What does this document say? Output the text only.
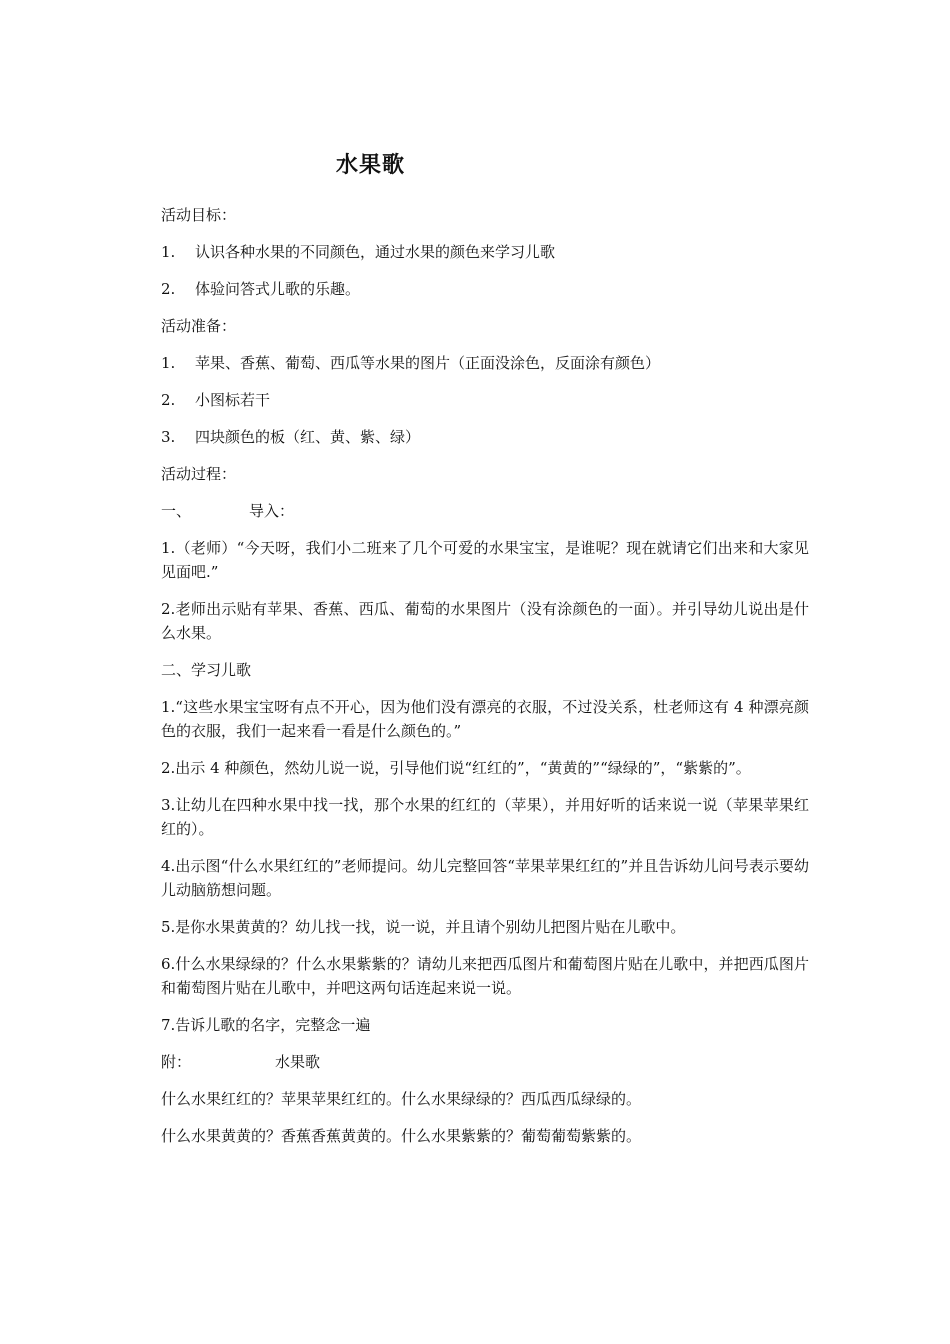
水果歌

活动目标：

1. 认识各种水果的不同颜色，通过水果的颜色来学习儿歌

2. 体验问答式儿歌的乐趣。

活动准备：

1. 苹果、香蕉、葡萄、西瓜等水果的图片（正面没涂色，反面涂有颜色）

2. 小图标若干

3. 四块颜色的板（红、黄、紫、绿）

活动过程：

一、	导入：

1.（老师）“今天呀，我们小二班来了几个可爱的水果宝宝，是谁呢？现在就请它们出来和大家见见面吧.”

2.老师出示贴有苹果、香蕉、西瓜、葡萄的水果图片（没有涂颜色的一面）。并引导幼儿说出是什么水果。

二、学习儿歌

1.“这些水果宝宝呀有点不开心，因为他们没有漂亮的衣服，不过没关系，杜老师这有 4 种漂亮颜色的衣服，我们一起来看一看是什么颜色的。”

2.出示 4 种颜色，然幼儿说一说，引导他们说“红红的”，“黄黄的”“绿绿的”，“紫紫的”。

3.让幼儿在四种水果中找一找，那个水果的红红的（苹果），并用好听的话来说一说（苹果苹果红红的）。

4.出示图“什么水果红红的”老师提问。幼儿完整回答“苹果苹果红红的”并且告诉幼儿问号表示要幼儿动脑筋想问题。

5.是你水果黄黄的？幼儿找一找，说一说，并且请个别幼儿把图片贴在儿歌中。

6.什么水果绿绿的？什么水果紫紫的？请幼儿来把西瓜图片和葡萄图片贴在儿歌中，并把西瓜图片和葡萄图片贴在儿歌中，并吧这两句话连起来说一说。

7.告诉儿歌的名字，完整念一遍

附：	水果歌

什么水果红红的？苹果苹果红红的。什么水果绿绿的？西瓜西瓜绿绿的。

什么水果黄黄的？香蕉香蕉黄黄的。什么水果紫紫的？葡萄葡萄紫紫的。
